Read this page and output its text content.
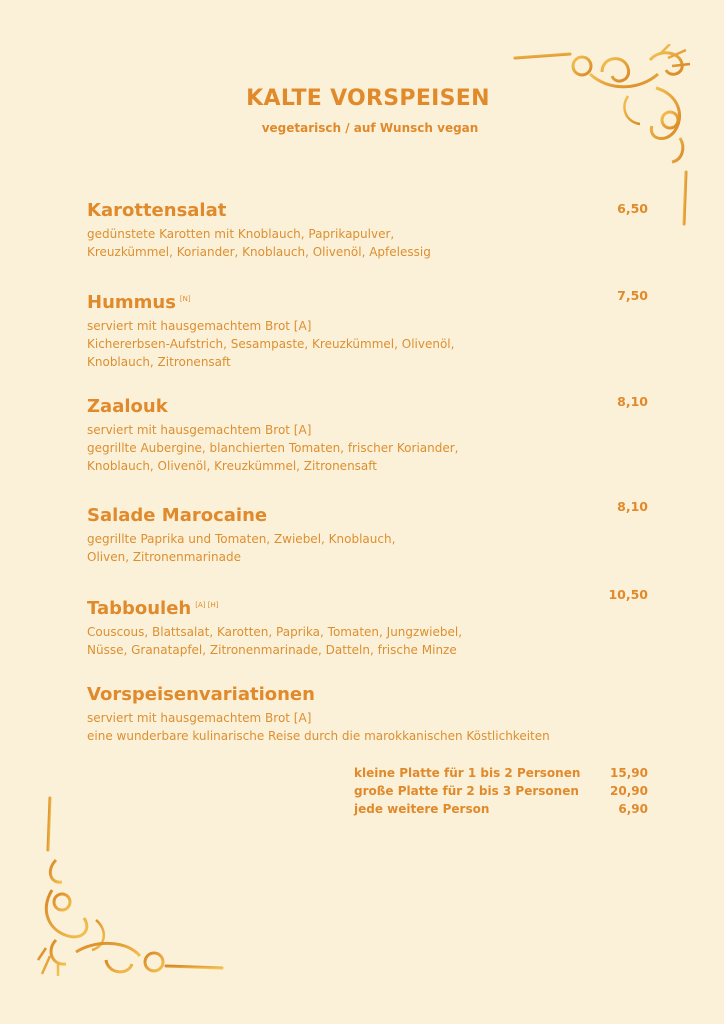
KALTE VORSPEISEN
vegetarisch / auf Wunsch vegan
Karottensalat
gedünstete Karotten mit Knoblauch, Paprikapulver,
Kreuzkümmel, Koriander, Knoblauch, Olivenöl, Apfelessig
6,50
Hummus [N]
serviert mit hausgemachtem Brot [A]
Kichererbsen-Aufstrich, Sesampaste, Kreuzkümmel, Olivenöl,
Knoblauch, Zitronensaft
7,50
Zaalouk
serviert mit hausgemachtem Brot [A]
gegrillte Aubergine, blanchierten Tomaten, frischer Koriander,
Knoblauch, Olivenöl, Kreuzkümmel, Zitronensaft
8,10
Salade Marocaine
gegrillte Paprika und Tomaten, Zwiebel, Knoblauch,
Oliven, Zitronenmarinade
8,10
Tabbouleh [A] [H]
Couscous, Blattsalat, Karotten, Paprika, Tomaten, Jungzwiebel,
Nüsse, Granatapfel, Zitronenmarinade, Datteln, frische Minze
10,50
Vorspeisenvariationen
serviert mit hausgemachtem Brot [A]
eine wunderbare kulinarische Reise durch die marokkanischen Köstlichkeiten
kleine Platte für 1 bis 2 Personen 15,90
große Platte für 2 bis 3 Personen	20,90
jede weitere Person	6,90
